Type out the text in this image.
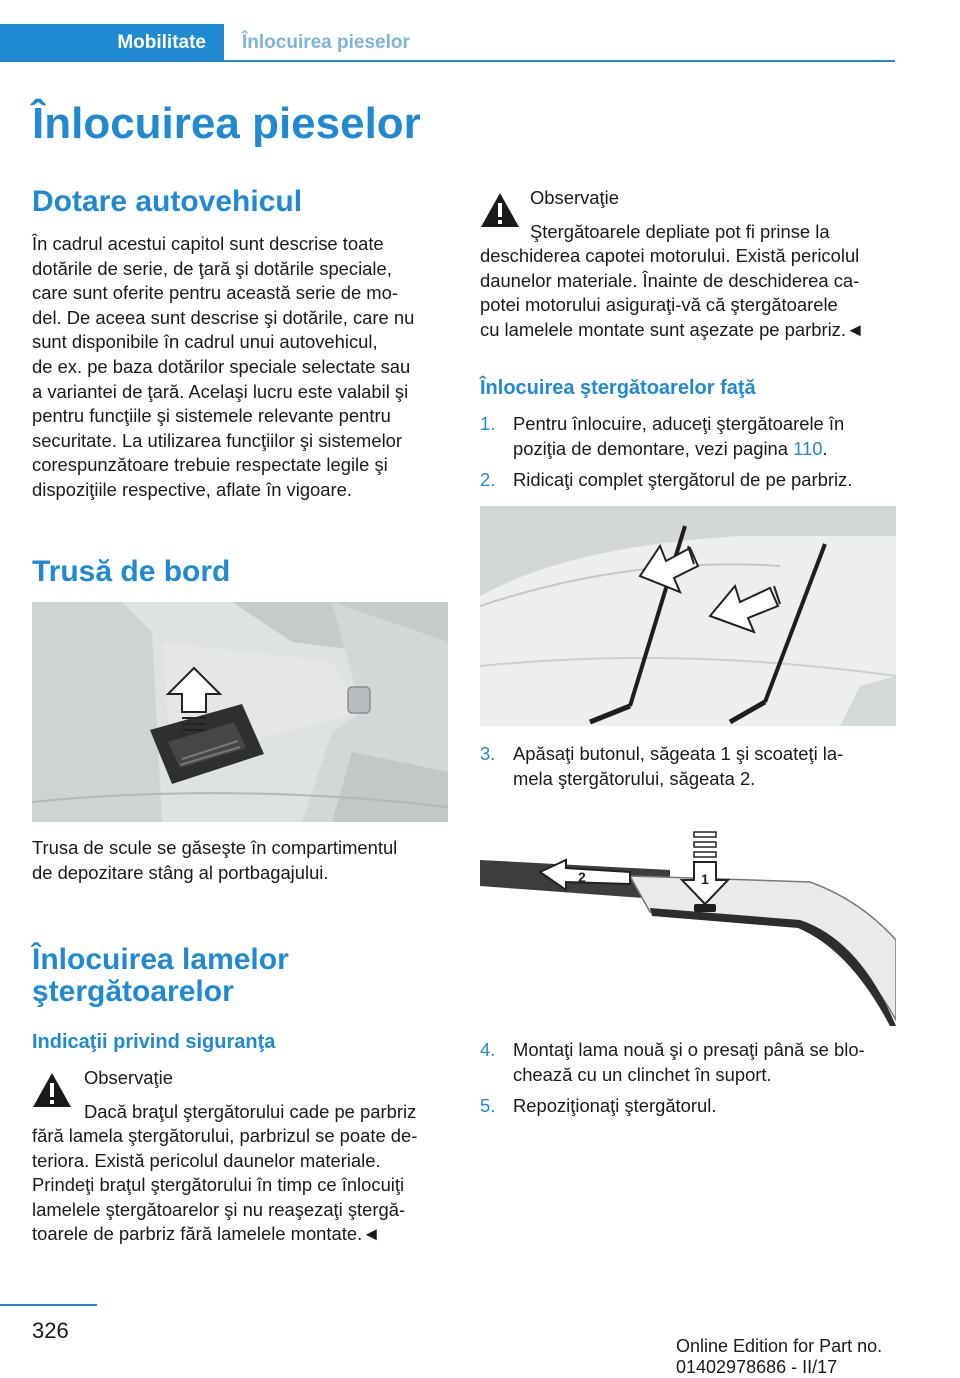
Mobilitate	Înlocuirea pieselor
Înlocuirea pieselor
Dotare autovehicul
În cadrul acestui capitol sunt descrise toate
dotările de serie, de ţară şi dotările speciale,
care sunt oferite pentru această serie de mo‐
del. De aceea sunt descrise şi dotările, care nu
sunt disponibile în cadrul unui autovehicul,
de ex. pe baza dotărilor speciale selectate sau
a variantei de ţară. Acelaşi lucru este valabil şi
pentru funcţiile şi sistemele relevante pentru
securitate. La utilizarea funcţiilor şi sistemelor
corespunzătoare trebuie respectate legile şi
dispoziţiile respective, aflate în vigoare.
Trusă de bord
Trusa de scule se găseşte în compartimentul
de depozitare stâng al portbagajului.
Înlocuirea lamelor
ştergătoarelor
Indicaţii privind siguranţa
Observaţie
Dacă braţul ştergătorului cade pe parbriz
fără lamela ştergătorului, parbrizul se poate de‐
teriora. Există pericolul daunelor materiale.
Prindeţi braţul ştergătorului în timp ce înlocuiţi
lamelele ştergătoarelor şi nu reaşezaţi ştergă‐
toarele de parbriz fără lamelele montate.◄
Observaţie
Ştergătoarele depliate pot fi prinse la
deschiderea capotei motorului. Există pericolul
daunelor materiale. Înainte de deschiderea ca‐
potei motorului asiguraţi-vă că ştergătoarele
cu lamelele montate sunt aşezate pe parbriz.◄
Înlocuirea ştergătoarelor faţă
1. Pentru înlocuire, aduceţi ştergătoarele în
poziţia de demontare, vezi pagina 110.
2. Ridicaţi complet ştergătorul de pe parbriz.
3. Apăsaţi butonul, săgeata 1 şi scoateţi la‐
mela ştergătorului, săgeata 2.
2	1
4. Montaţi lama nouă şi o presaţi până se blo‐
chează cu un clinchet în suport.
5. Repoziţionaţi ştergătorul.
326
Online Edition for Part no. 01402978686 - II/17
